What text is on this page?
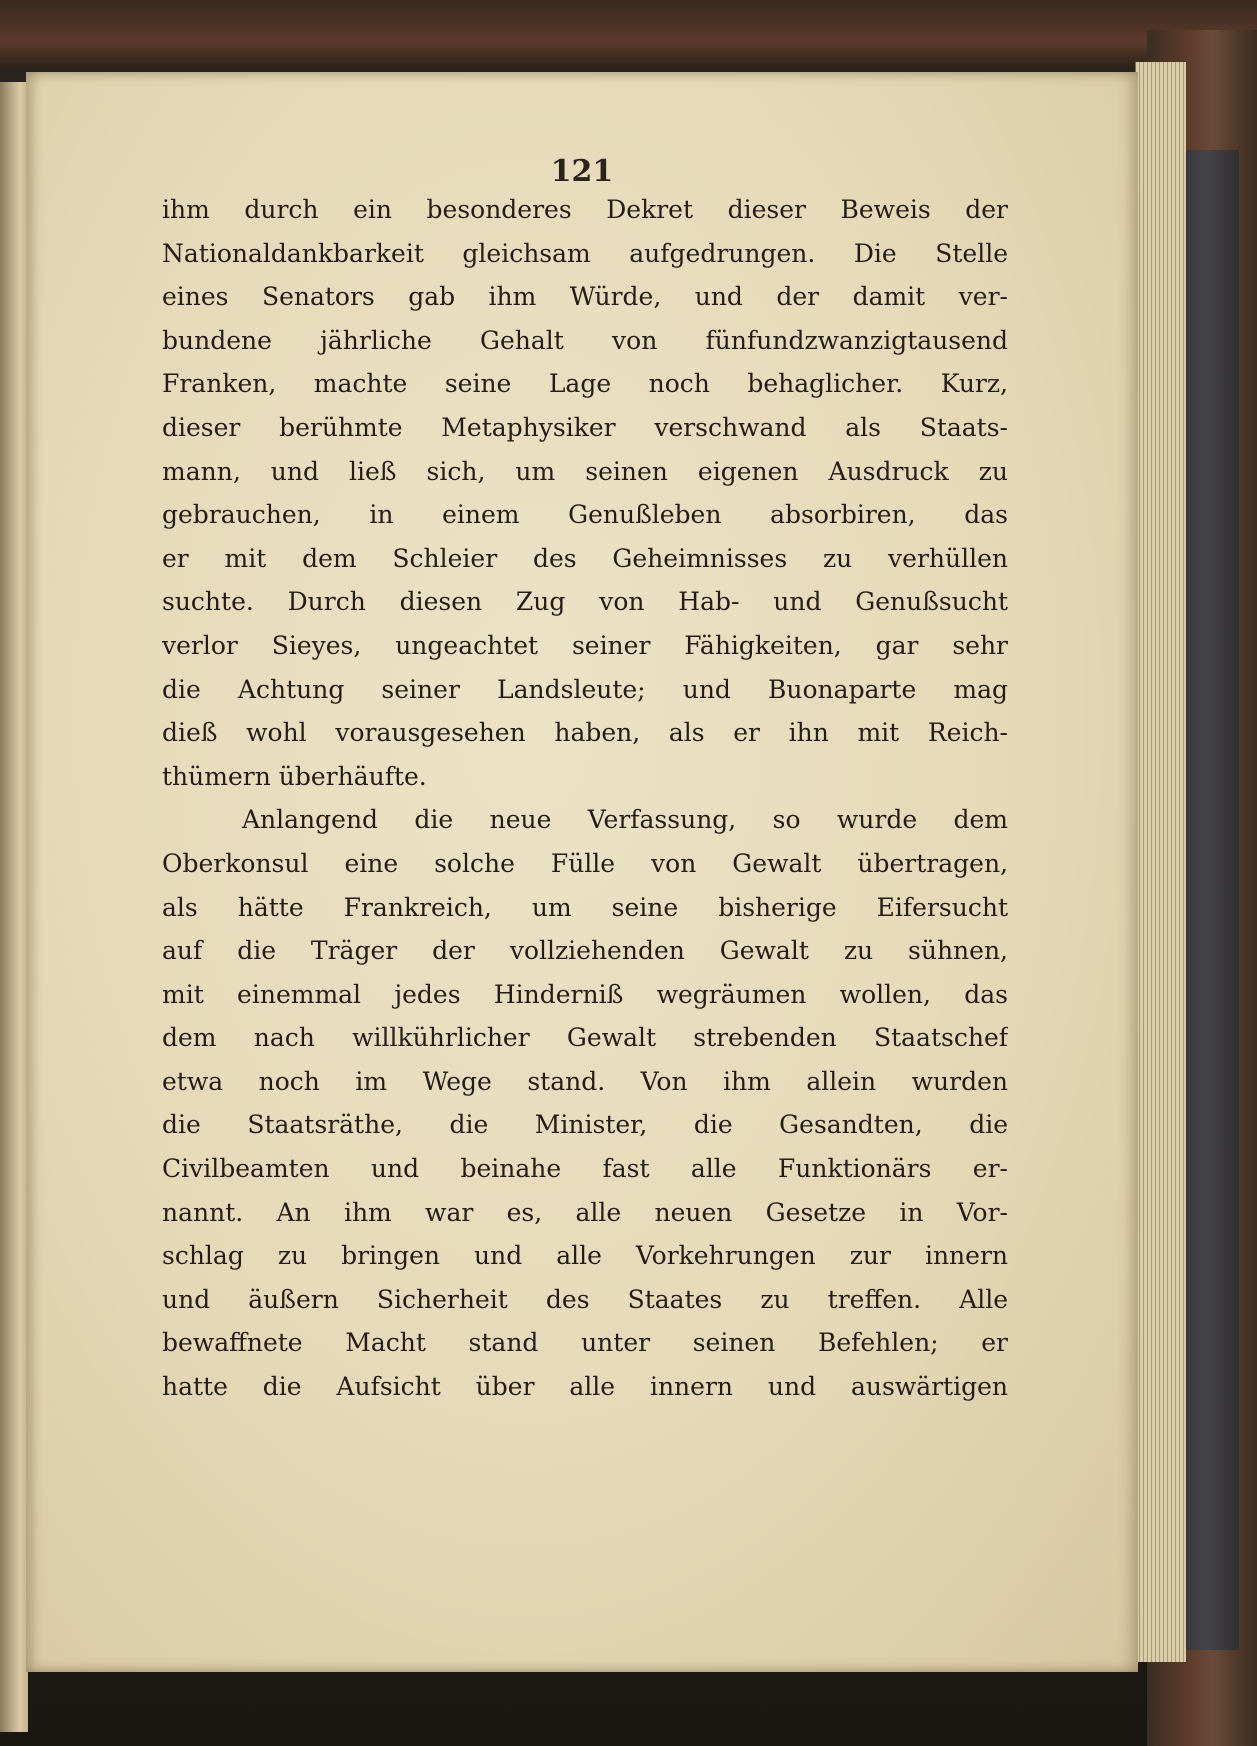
121
ihm durch ein besonderes Dekret dieser Beweis der
Nationaldankbarkeit gleichsam aufgedrungen. Die Stelle
eines Senators gab ihm Würde, und der damit ver-
bundene jährliche Gehalt von fünfundzwanzigtausend
Franken, machte seine Lage noch behaglicher. Kurz,
dieser berühmte Metaphysiker verschwand als Staats-
mann, und ließ sich, um seinen eigenen Ausdruck zu
gebrauchen, in einem Genußleben absorbiren, das
er mit dem Schleier des Geheimnisses zu verhüllen
suchte. Durch diesen Zug von Hab- und Genußsucht
verlor Sieyes, ungeachtet seiner Fähigkeiten, gar sehr
die Achtung seiner Landsleute; und Buonaparte mag
dieß wohl vorausgesehen haben, als er ihn mit Reich-
thümern überhäufte.
Anlangend die neue Verfassung, so wurde dem
Oberkonsul eine solche Fülle von Gewalt übertragen,
als hätte Frankreich, um seine bisherige Eifersucht
auf die Träger der vollziehenden Gewalt zu sühnen,
mit einemmal jedes Hinderniß wegräumen wollen, das
dem nach willkührlicher Gewalt strebenden Staatschef
etwa noch im Wege stand. Von ihm allein wurden
die Staatsräthe, die Minister, die Gesandten, die
Civilbeamten und beinahe fast alle Funktionärs er-
nannt. An ihm war es, alle neuen Gesetze in Vor-
schlag zu bringen und alle Vorkehrungen zur innern
und äußern Sicherheit des Staates zu treffen. Alle
bewaffnete Macht stand unter seinen Befehlen; er
hatte die Aufsicht über alle innern und auswärtigen
